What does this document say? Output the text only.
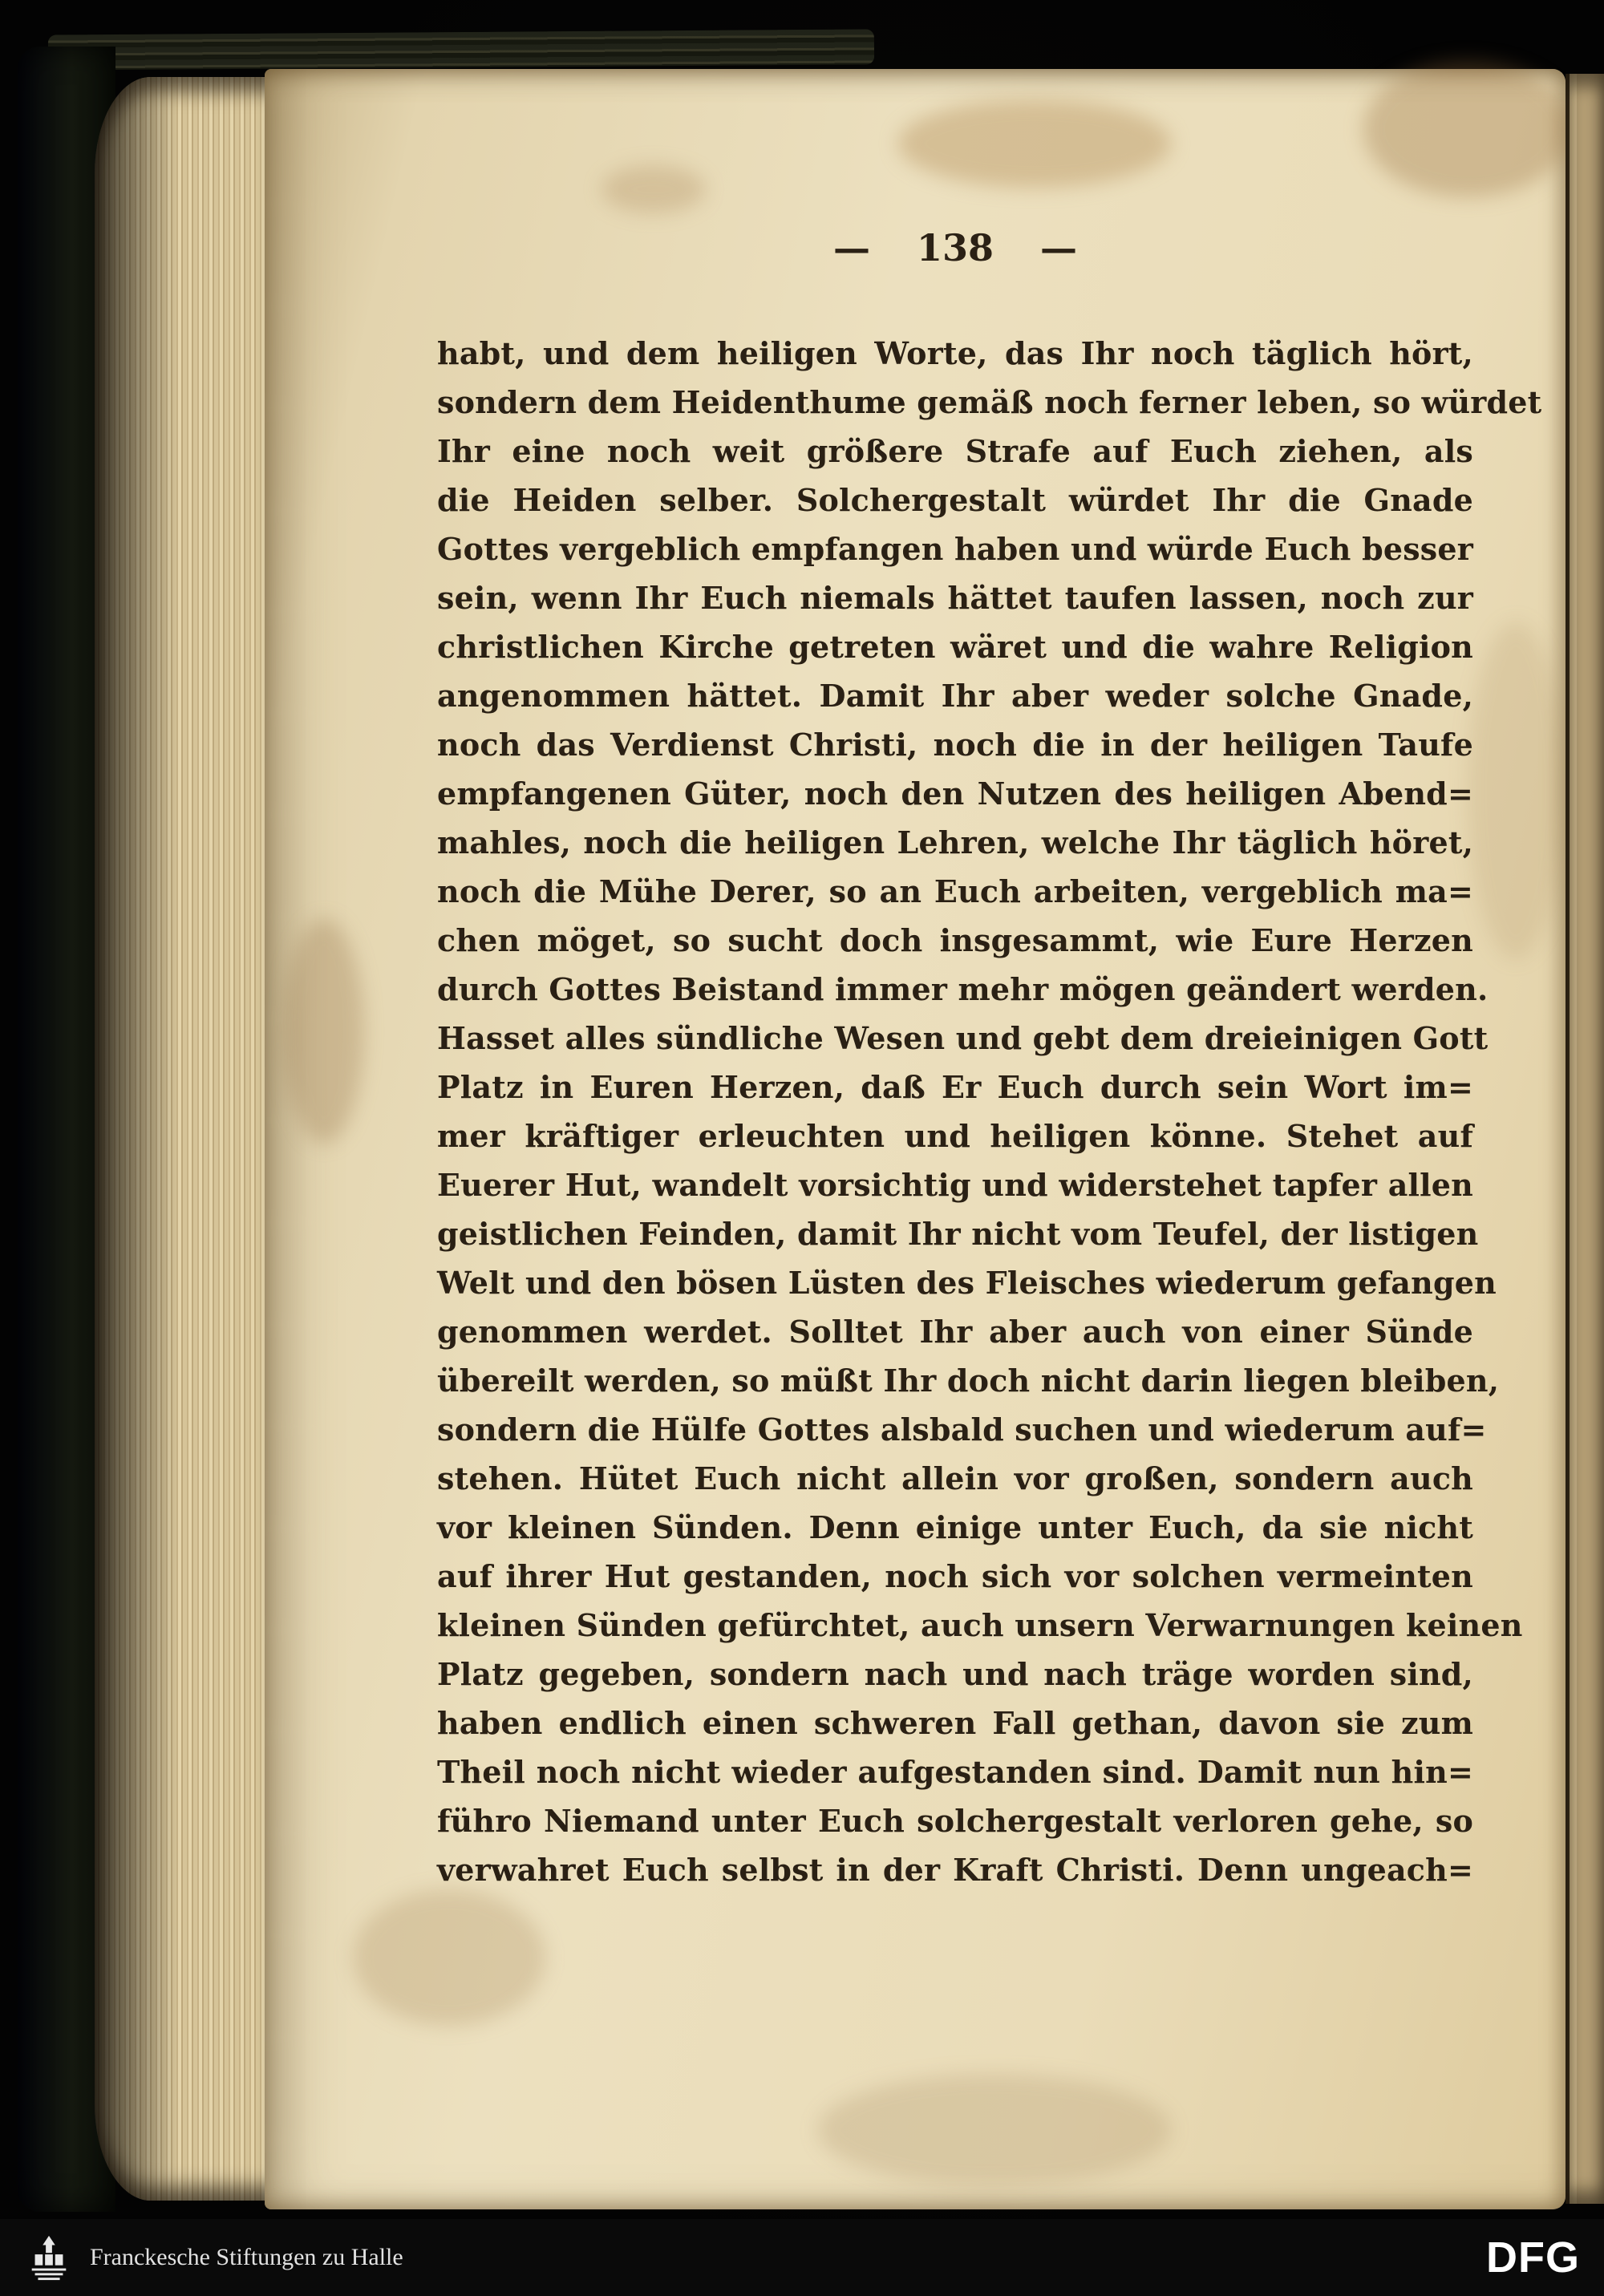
— 138 —
habt, und dem heiligen Worte, das Ihr noch täglich hört,
sondern dem Heidenthume gemäß noch ferner leben, so würdet
Ihr eine noch weit größere Strafe auf Euch ziehen, als
die Heiden selber. Solchergestalt würdet Ihr die Gnade
Gottes vergeblich empfangen haben und würde Euch besser
sein, wenn Ihr Euch niemals hättet taufen lassen, noch zur
christlichen Kirche getreten wäret und die wahre Religion
angenommen hättet. Damit Ihr aber weder solche Gnade,
noch das Verdienst Christi, noch die in der heiligen Taufe
empfangenen Güter, noch den Nutzen des heiligen Abend=
mahles, noch die heiligen Lehren, welche Ihr täglich höret,
noch die Mühe Derer, so an Euch arbeiten, vergeblich ma=
chen möget, so sucht doch insgesammt, wie Eure Herzen
durch Gottes Beistand immer mehr mögen geändert werden.
Hasset alles sündliche Wesen und gebt dem dreieinigen Gott
Platz in Euren Herzen, daß Er Euch durch sein Wort im=
mer kräftiger erleuchten und heiligen könne. Stehet auf
Euerer Hut, wandelt vorsichtig und widerstehet tapfer allen
geistlichen Feinden, damit Ihr nicht vom Teufel, der listigen
Welt und den bösen Lüsten des Fleisches wiederum gefangen
genommen werdet. Solltet Ihr aber auch von einer Sünde
übereilt werden, so müßt Ihr doch nicht darin liegen bleiben,
sondern die Hülfe Gottes alsbald suchen und wiederum auf=
stehen. Hütet Euch nicht allein vor großen, sondern auch
vor kleinen Sünden. Denn einige unter Euch, da sie nicht
auf ihrer Hut gestanden, noch sich vor solchen vermeinten
kleinen Sünden gefürchtet, auch unsern Verwarnungen keinen
Platz gegeben, sondern nach und nach träge worden sind,
haben endlich einen schweren Fall gethan, davon sie zum
Theil noch nicht wieder aufgestanden sind. Damit nun hin=
führo Niemand unter Euch solchergestalt verloren gehe, so
verwahret Euch selbst in der Kraft Christi. Denn ungeach=
Franckesche Stiftungen zu Halle	DFG
